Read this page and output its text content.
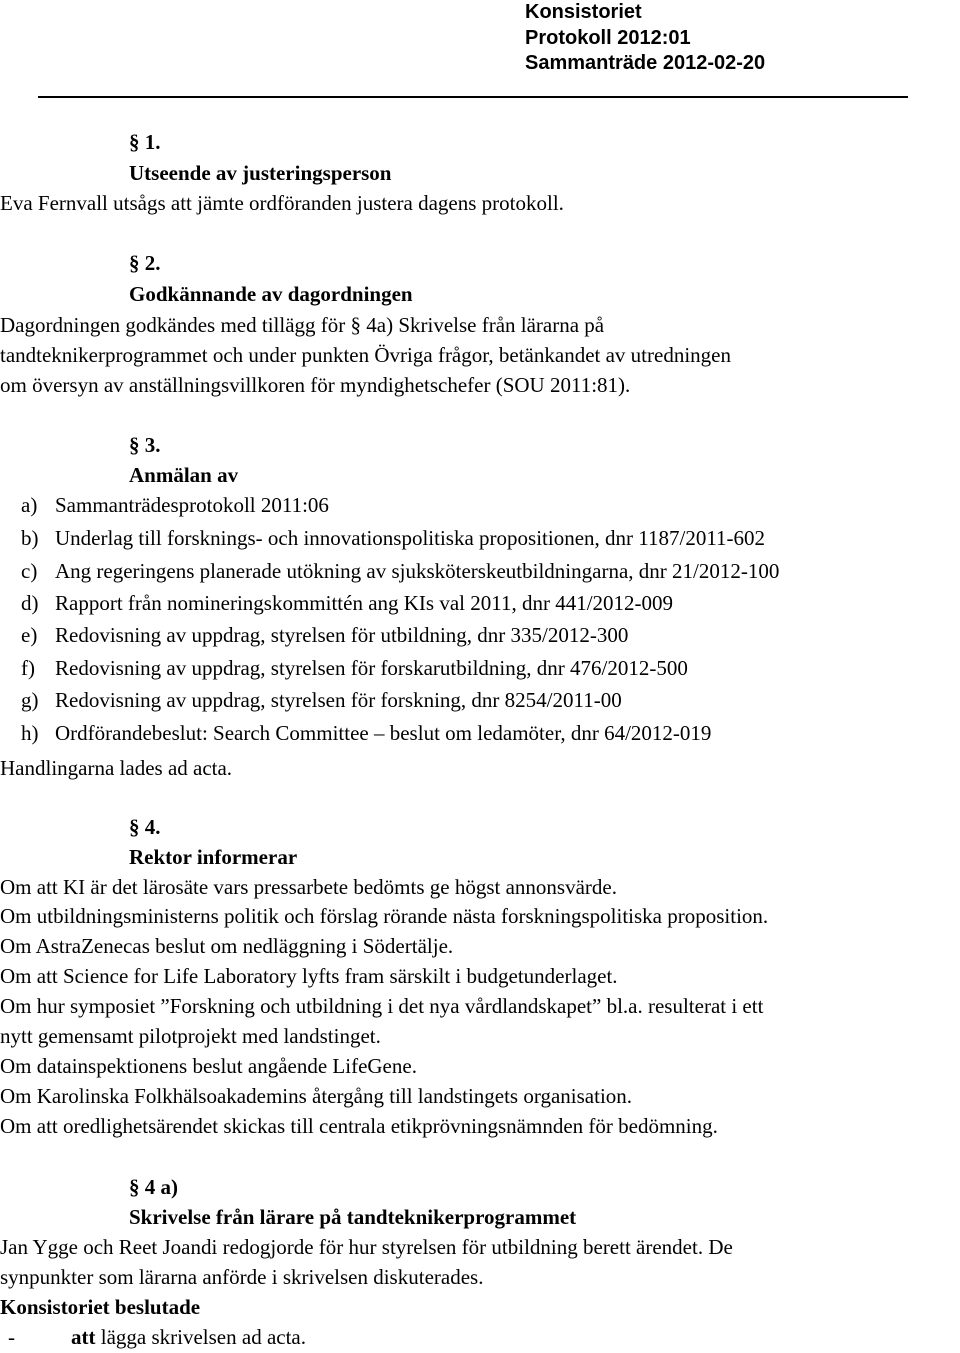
Konsistoriet
Protokoll 2012:01
Sammanträde 2012-02-20
§ 1.
Utseende av justeringsperson
Eva Fernvall utsågs att jämte ordföranden justera dagens protokoll.
§ 2.
Godkännande av dagordningen
Dagordningen godkändes med tillägg för § 4a) Skrivelse från lärarna på
tandteknikerprogrammet och under punkten Övriga frågor, betänkandet av utredningen
om översyn av anställningsvillkoren för myndighetschefer (SOU 2011:81).
§ 3.
Anmälan av
a) Sammanträdesprotokoll 2011:06
b) Underlag till forsknings- och innovationspolitiska propositionen, dnr 1187/2011-602
c) Ang regeringens planerade utökning av sjuksköterskeutbildningarna, dnr 21/2012-100
d) Rapport från nomineringskommittén ang KIs val 2011, dnr 441/2012-009
e) Redovisning av uppdrag, styrelsen för utbildning, dnr 335/2012-300
f) Redovisning av uppdrag, styrelsen för forskarutbildning, dnr 476/2012-500
g) Redovisning av uppdrag, styrelsen för forskning, dnr 8254/2011-00
h) Ordförandebeslut: Search Committee – beslut om ledamöter, dnr 64/2012-019
Handlingarna lades ad acta.
§ 4.
Rektor informerar
Om att KI är det lärosäte vars pressarbete bedömts ge högst annonsvärde.
Om utbildningsministerns politik och förslag rörande nästa forskningspolitiska proposition.
Om AstraZenecas beslut om nedläggning i Södertälje.
Om att Science for Life Laboratory lyfts fram särskilt i budgetunderlaget.
Om hur symposiet ”Forskning och utbildning i det nya vårdlandskapet” bl.a. resulterat i ett
nytt gemensamt pilotprojekt med landstinget.
Om datainspektionens beslut angående LifeGene.
Om Karolinska Folkhälsoakademins återgång till landstingets organisation.
Om att oredlighetsärendet skickas till centrala etikprövningsnämnden för bedömning.
§ 4 a)
Skrivelse från lärare på tandteknikerprogrammet
Jan Ygge och Reet Joandi redogjorde för hur styrelsen för utbildning berett ärendet. De
synpunkter som lärarna anförde i skrivelsen diskuterades.
Konsistoriet beslutade
-	att lägga skrivelsen ad acta.
